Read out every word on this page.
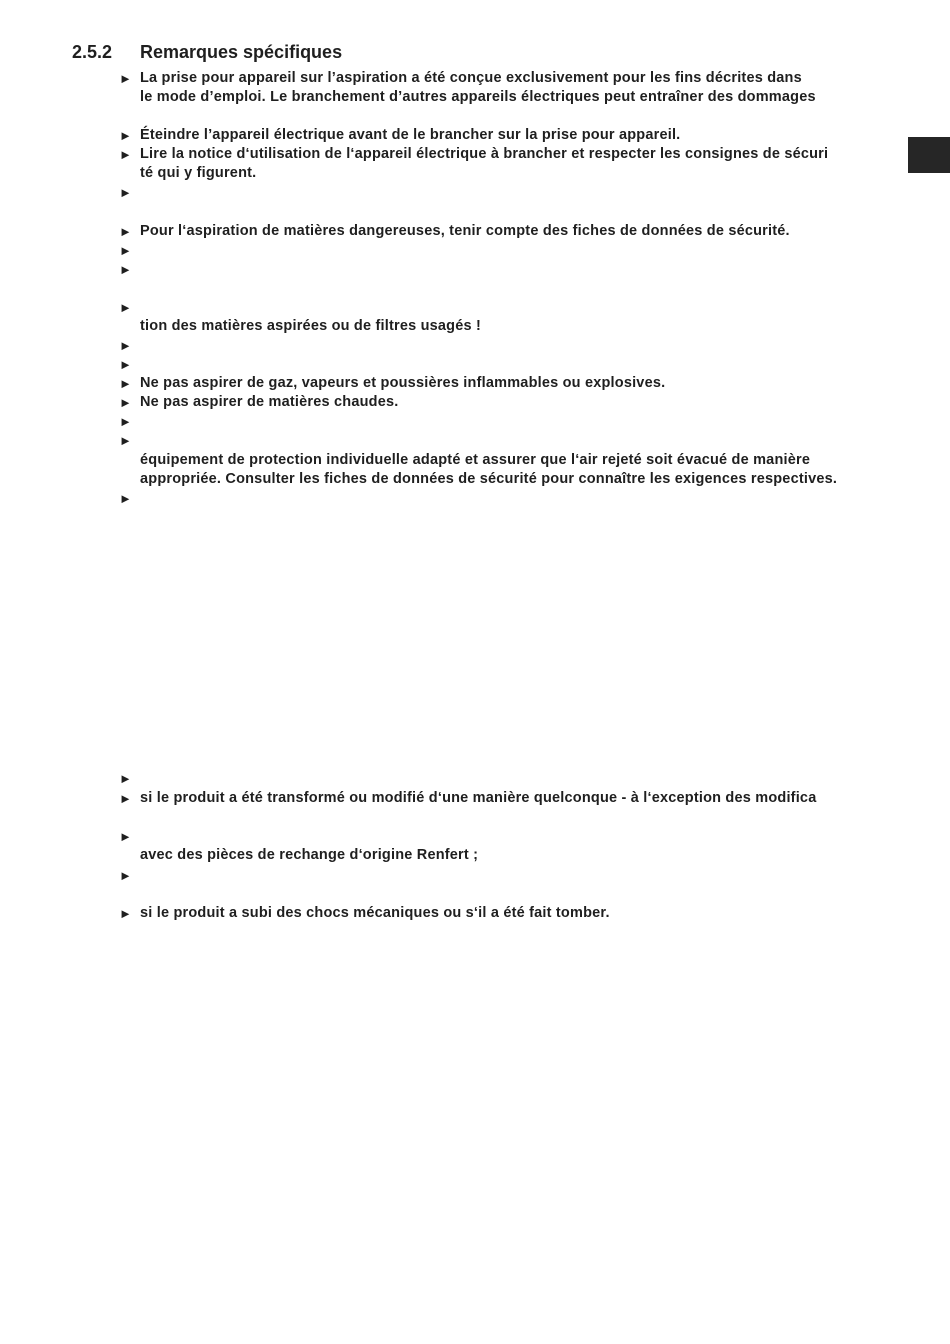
2.5.2 Remarques spécifiques
► La prise pour appareil sur l’aspiration a été conçue exclusivement pour les fins décrites dans
le mode d’emploi. Le branchement d’autres appareils électriques peut entraîner des dommages
► Éteindre l’appareil électrique avant de le brancher sur la prise pour appareil.
► Lire la notice d‘utilisation de l‘appareil électrique à brancher et respecter les consignes de sécuri
té qui y figurent.
►
► Pour l‘aspiration de matières dangereuses, tenir compte des fiches de données de sécurité.
►
►
►
tion des matières aspirées ou de filtres usagés !
►
►
► Ne pas aspirer de gaz, vapeurs et poussières inflammables ou explosives.
► Ne pas aspirer de matières chaudes.
►
►
équipement de protection individuelle adapté et assurer que l‘air rejeté soit évacué de manière
appropriée. Consulter les fiches de données de sécurité pour connaître les exigences respectives.
►
►
► si le produit a été transformé ou modifié d‘une manière quelconque - à l‘exception des modifica
►
avec des pièces de rechange d‘origine Renfert ;
►
► si le produit a subi des chocs mécaniques ou s‘il a été fait tomber.
